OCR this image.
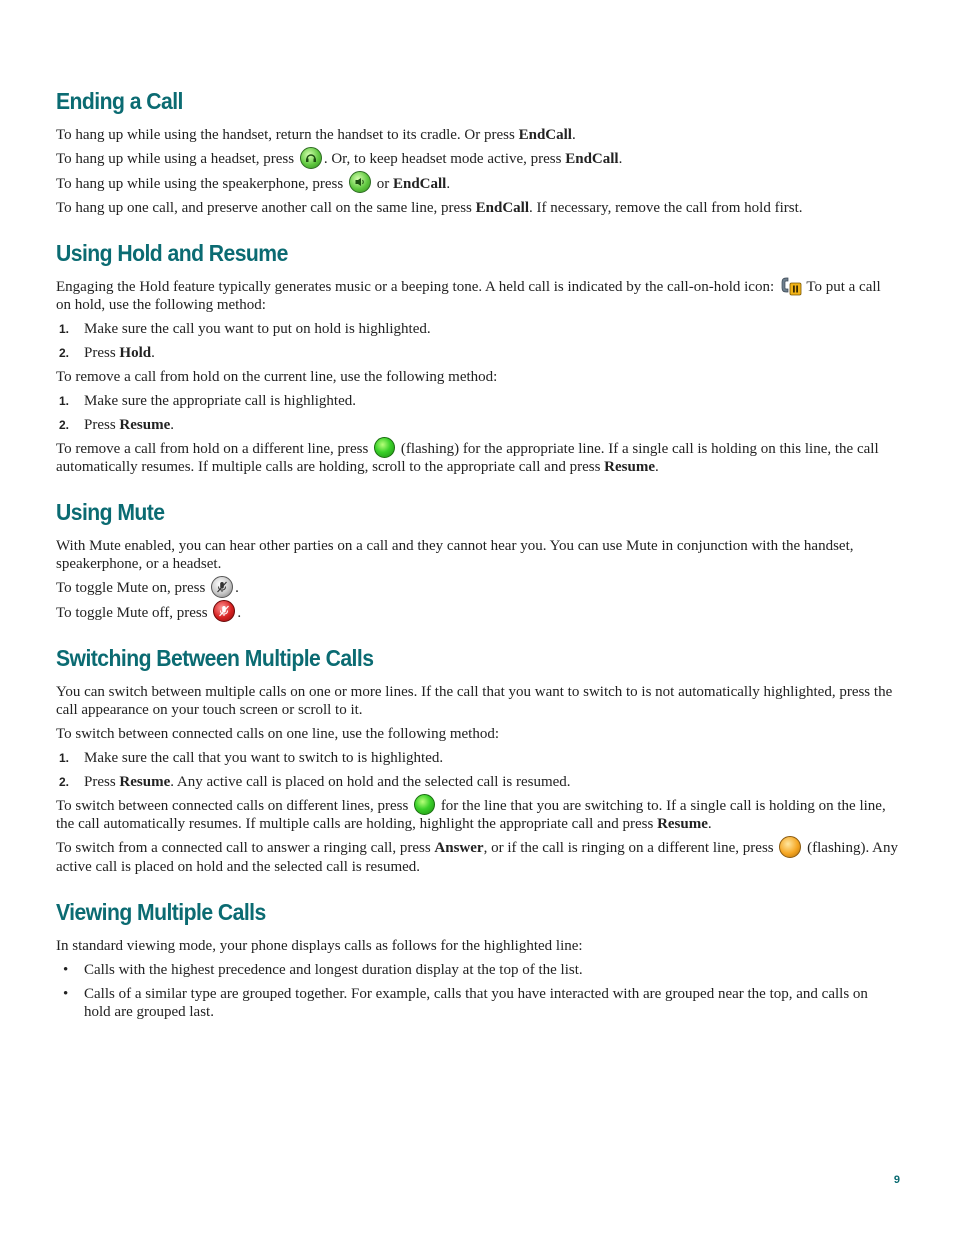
Ending a Call

To hang up while using the handset, return the handset to its cradle. Or press EndCall.

To hang up while using a headset, press
. Or, to keep headset mode active, press EndCall.

To hang up while using the speakerphone, press
or EndCall.

To hang up one call, and preserve another call on the same line, press EndCall. If necessary, remove the call from hold first.

Using Hold and Resume

Engaging the Hold feature typically generates music or a beeping tone. A held call is indicated by the call-on-hold icon:  To put a call on hold, use the following method:

1. Make sure the call you want to put on hold is highlighted.
2. Press Hold.

To remove a call from hold on the current line, use the following method:

1. Make sure the appropriate call is highlighted.
2. Press Resume.

To remove a call from hold on a different line, press  (flashing) for the appropriate line. If a single call is holding on this line, the call automatically resumes. If multiple calls are holding, scroll to the appropriate call and press Resume.

Using Mute

With Mute enabled, you can hear other parties on a call and they cannot hear you. You can use Mute in conjunction with the handset, speakerphone, or a headset.

To toggle Mute on, press
.

To toggle Mute off, press
.

Switching Between Multiple Calls

You can switch between multiple calls on one or more lines. If the call that you want to switch to is not automatically highlighted, press the call appearance on your touch screen or scroll to it.

To switch between connected calls on one line, use the following method:

1. Make sure the call that you want to switch to is highlighted.
2. Press Resume. Any active call is placed on hold and the selected call is resumed.

To switch between connected calls on different lines, press  for the line that you are switching to. If a single call is holding on the line, the call automatically resumes. If multiple calls are holding, highlight the appropriate call and press Resume.

To switch from a connected call to answer a ringing call, press Answer, or if the call is ringing on a different line, press  (flashing). Any active call is placed on hold and the selected call is resumed.

Viewing Multiple Calls

In standard viewing mode, your phone displays calls as follows for the highlighted line:

• Calls with the highest precedence and longest duration display at the top of the list.
• Calls of a similar type are grouped together. For example, calls that you have interacted with are grouped near the top, and calls on hold are grouped last.
9
